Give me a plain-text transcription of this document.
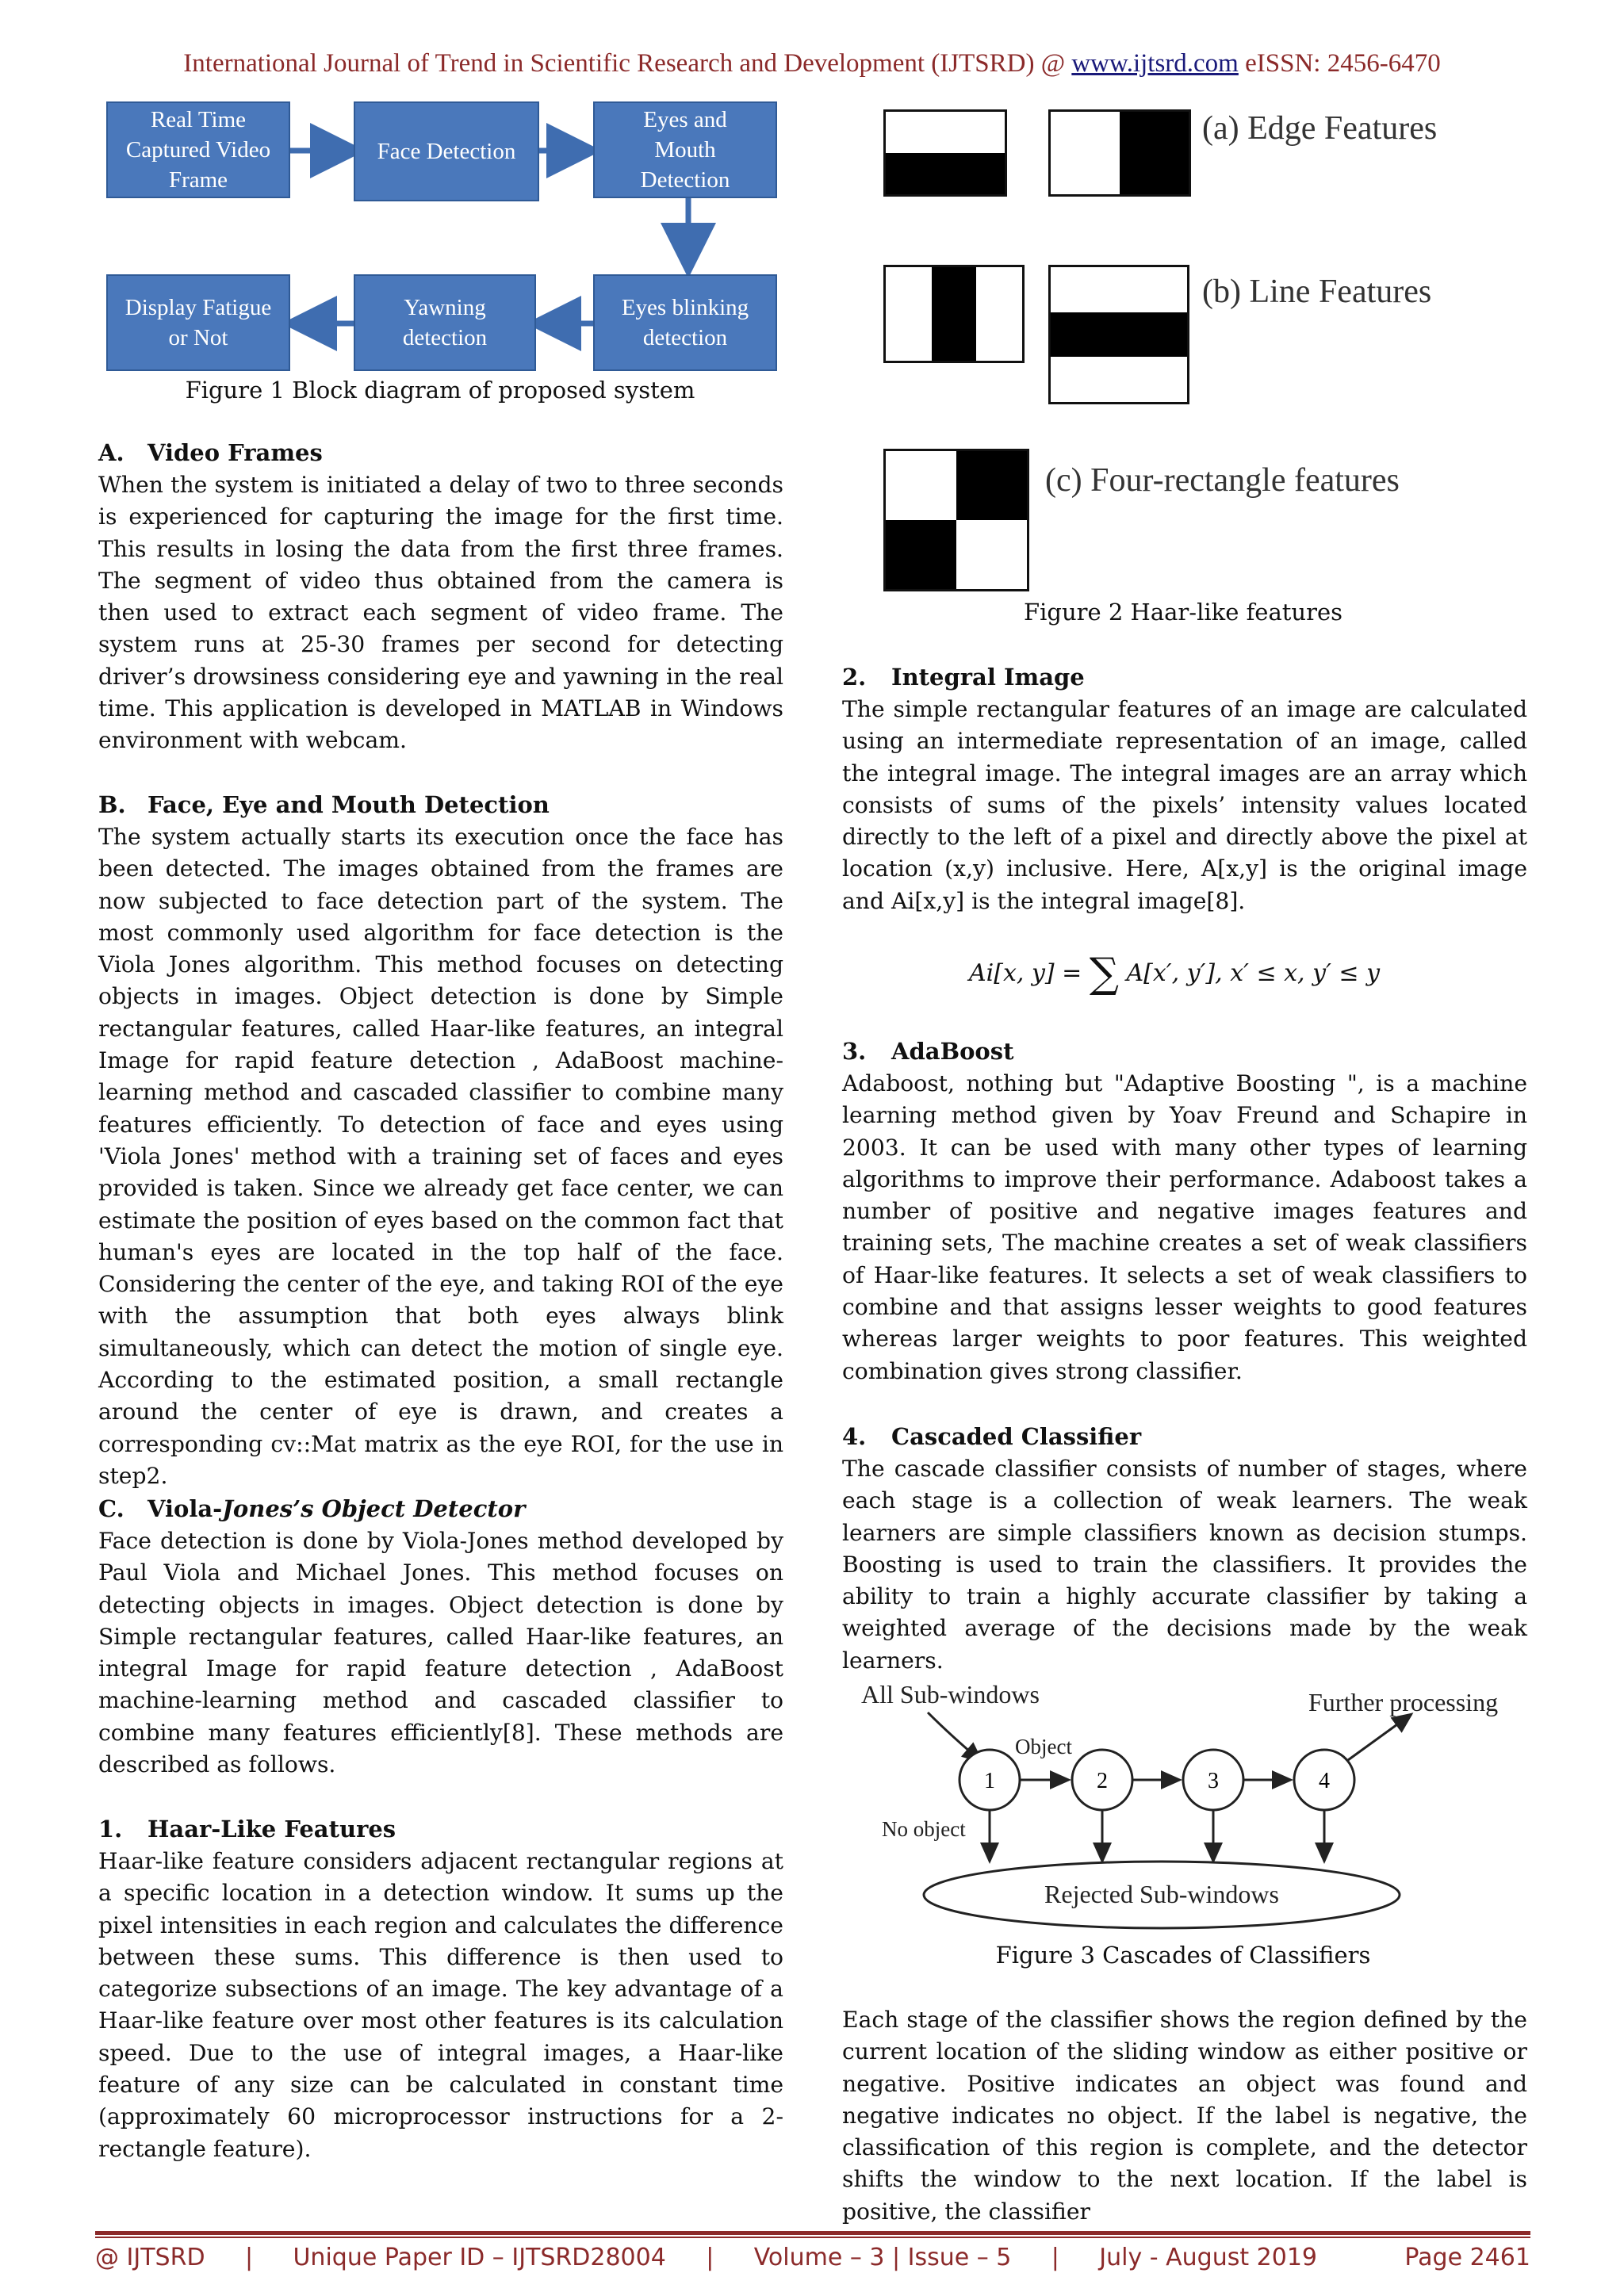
International Journal of Trend in Scientific Research and Development (IJTSRD) @ www.ijtsrd.com eISSN: 2456-6470
Real Time Captured Video Frame
Face Detection
Eyes and Mouth Detection
Eyes blinking detection
Yawning detection
Display Fatigue or Not
Figure 1 Block diagram of proposed system
A. Video Frames
When the system is initiated a delay of two to three seconds is experienced for capturing the image for the first time. This results in losing the data from the first three frames. The segment of video thus obtained from the camera is then used to extract each segment of video frame. The system runs at 25-30 frames per second for detecting driver’s drowsiness considering eye and yawning in the real time. This application is developed in MATLAB in Windows environment with webcam.
B. Face, Eye and Mouth Detection
The system actually starts its execution once the face has been detected. The images obtained from the frames are now subjected to face detection part of the system. The most commonly used algorithm for face detection is the Viola Jones algorithm. This method focuses on detecting objects in images. Object detection is done by Simple rectangular features, called Haar-like features, an integral Image for rapid feature detection , AdaBoost machine-learning method and cascaded classifier to combine many features efficiently. To detection of face and eyes using 'Viola Jones' method with a training set of faces and eyes provided is taken. Since we already get face center, we can estimate the position of eyes based on the common fact that human's eyes are located in the top half of the face. Considering the center of the eye, and taking ROI of the eye with the assumption that both eyes always blink simultaneously, which can detect the motion of single eye. According to the estimated position, a small rectangle around the center of eye is drawn, and creates a corresponding cv::Mat matrix as the eye ROI, for the use in step2.
C. Viola-Jones’s Object Detector
Face detection is done by Viola-Jones method developed by Paul Viola and Michael Jones. This method focuses on detecting objects in images. Object detection is done by Simple rectangular features, called Haar-like features, an integral Image for rapid feature detection , AdaBoost machine-learning method and cascaded classifier to combine many features efficiently[8]. These methods are described as follows.
1. Haar-Like Features
Haar-like feature considers adjacent rectangular regions at a specific location in a detection window. It sums up the pixel intensities in each region and calculates the difference between these sums. This difference is then used to categorize subsections of an image. The key advantage of a Haar-like feature over most other features is its calculation speed. Due to the use of integral images, a Haar-like feature of any size can be calculated in constant time (approximately 60 microprocessor instructions for a 2-rectangle feature).
(a) Edge Features
(b) Line Features
(c) Four-rectangle features
Figure 2 Haar-like features
2. Integral Image
The simple rectangular features of an image are calculated using an intermediate representation of an image, called the integral image. The integral images are an array which consists of sums of the pixels’ intensity values located directly to the left of a pixel and directly above the pixel at location (x,y) inclusive. Here, A[x,y] is the original image and Ai[x,y] is the integral image[8].
Ai[x, y] = ∑ A[x′, y′], x′ ≤ x, y′ ≤ y
3. AdaBoost
Adaboost, nothing but "Adaptive Boosting ", is a machine learning method given by Yoav Freund and Schapire in 2003. It can be used with many other types of learning algorithms to improve their performance. Adaboost takes a number of positive and negative images features and training sets, The machine creates a set of weak classifiers of Haar-like features. It selects a set of weak classifiers to combine and that assigns lesser weights to good features whereas larger weights to poor features. This weighted combination gives strong classifier.
4. Cascaded Classifier
The cascade classifier consists of number of stages, where each stage is a collection of weak learners. The weak learners are simple classifiers known as decision stumps. Boosting is used to train the classifiers. It provides the ability to train a highly accurate classifier by taking a weighted average of the decisions made by the weak learners.
All Sub-windows	Further processing
Object
No object
1	2	3	4
Rejected Sub-windows
Figure 3 Cascades of Classifiers
Each stage of the classifier shows the region defined by the current location of the sliding window as either positive or negative. Positive indicates an object was found and negative indicates no object. If the label is negative, the classification of this region is complete, and the detector shifts the window to the next location. If the label is positive, the classifier
@ IJTSRD | Unique Paper ID – IJTSRD28004 | Volume – 3 | Issue – 5 | July - August 2019	Page 2461
